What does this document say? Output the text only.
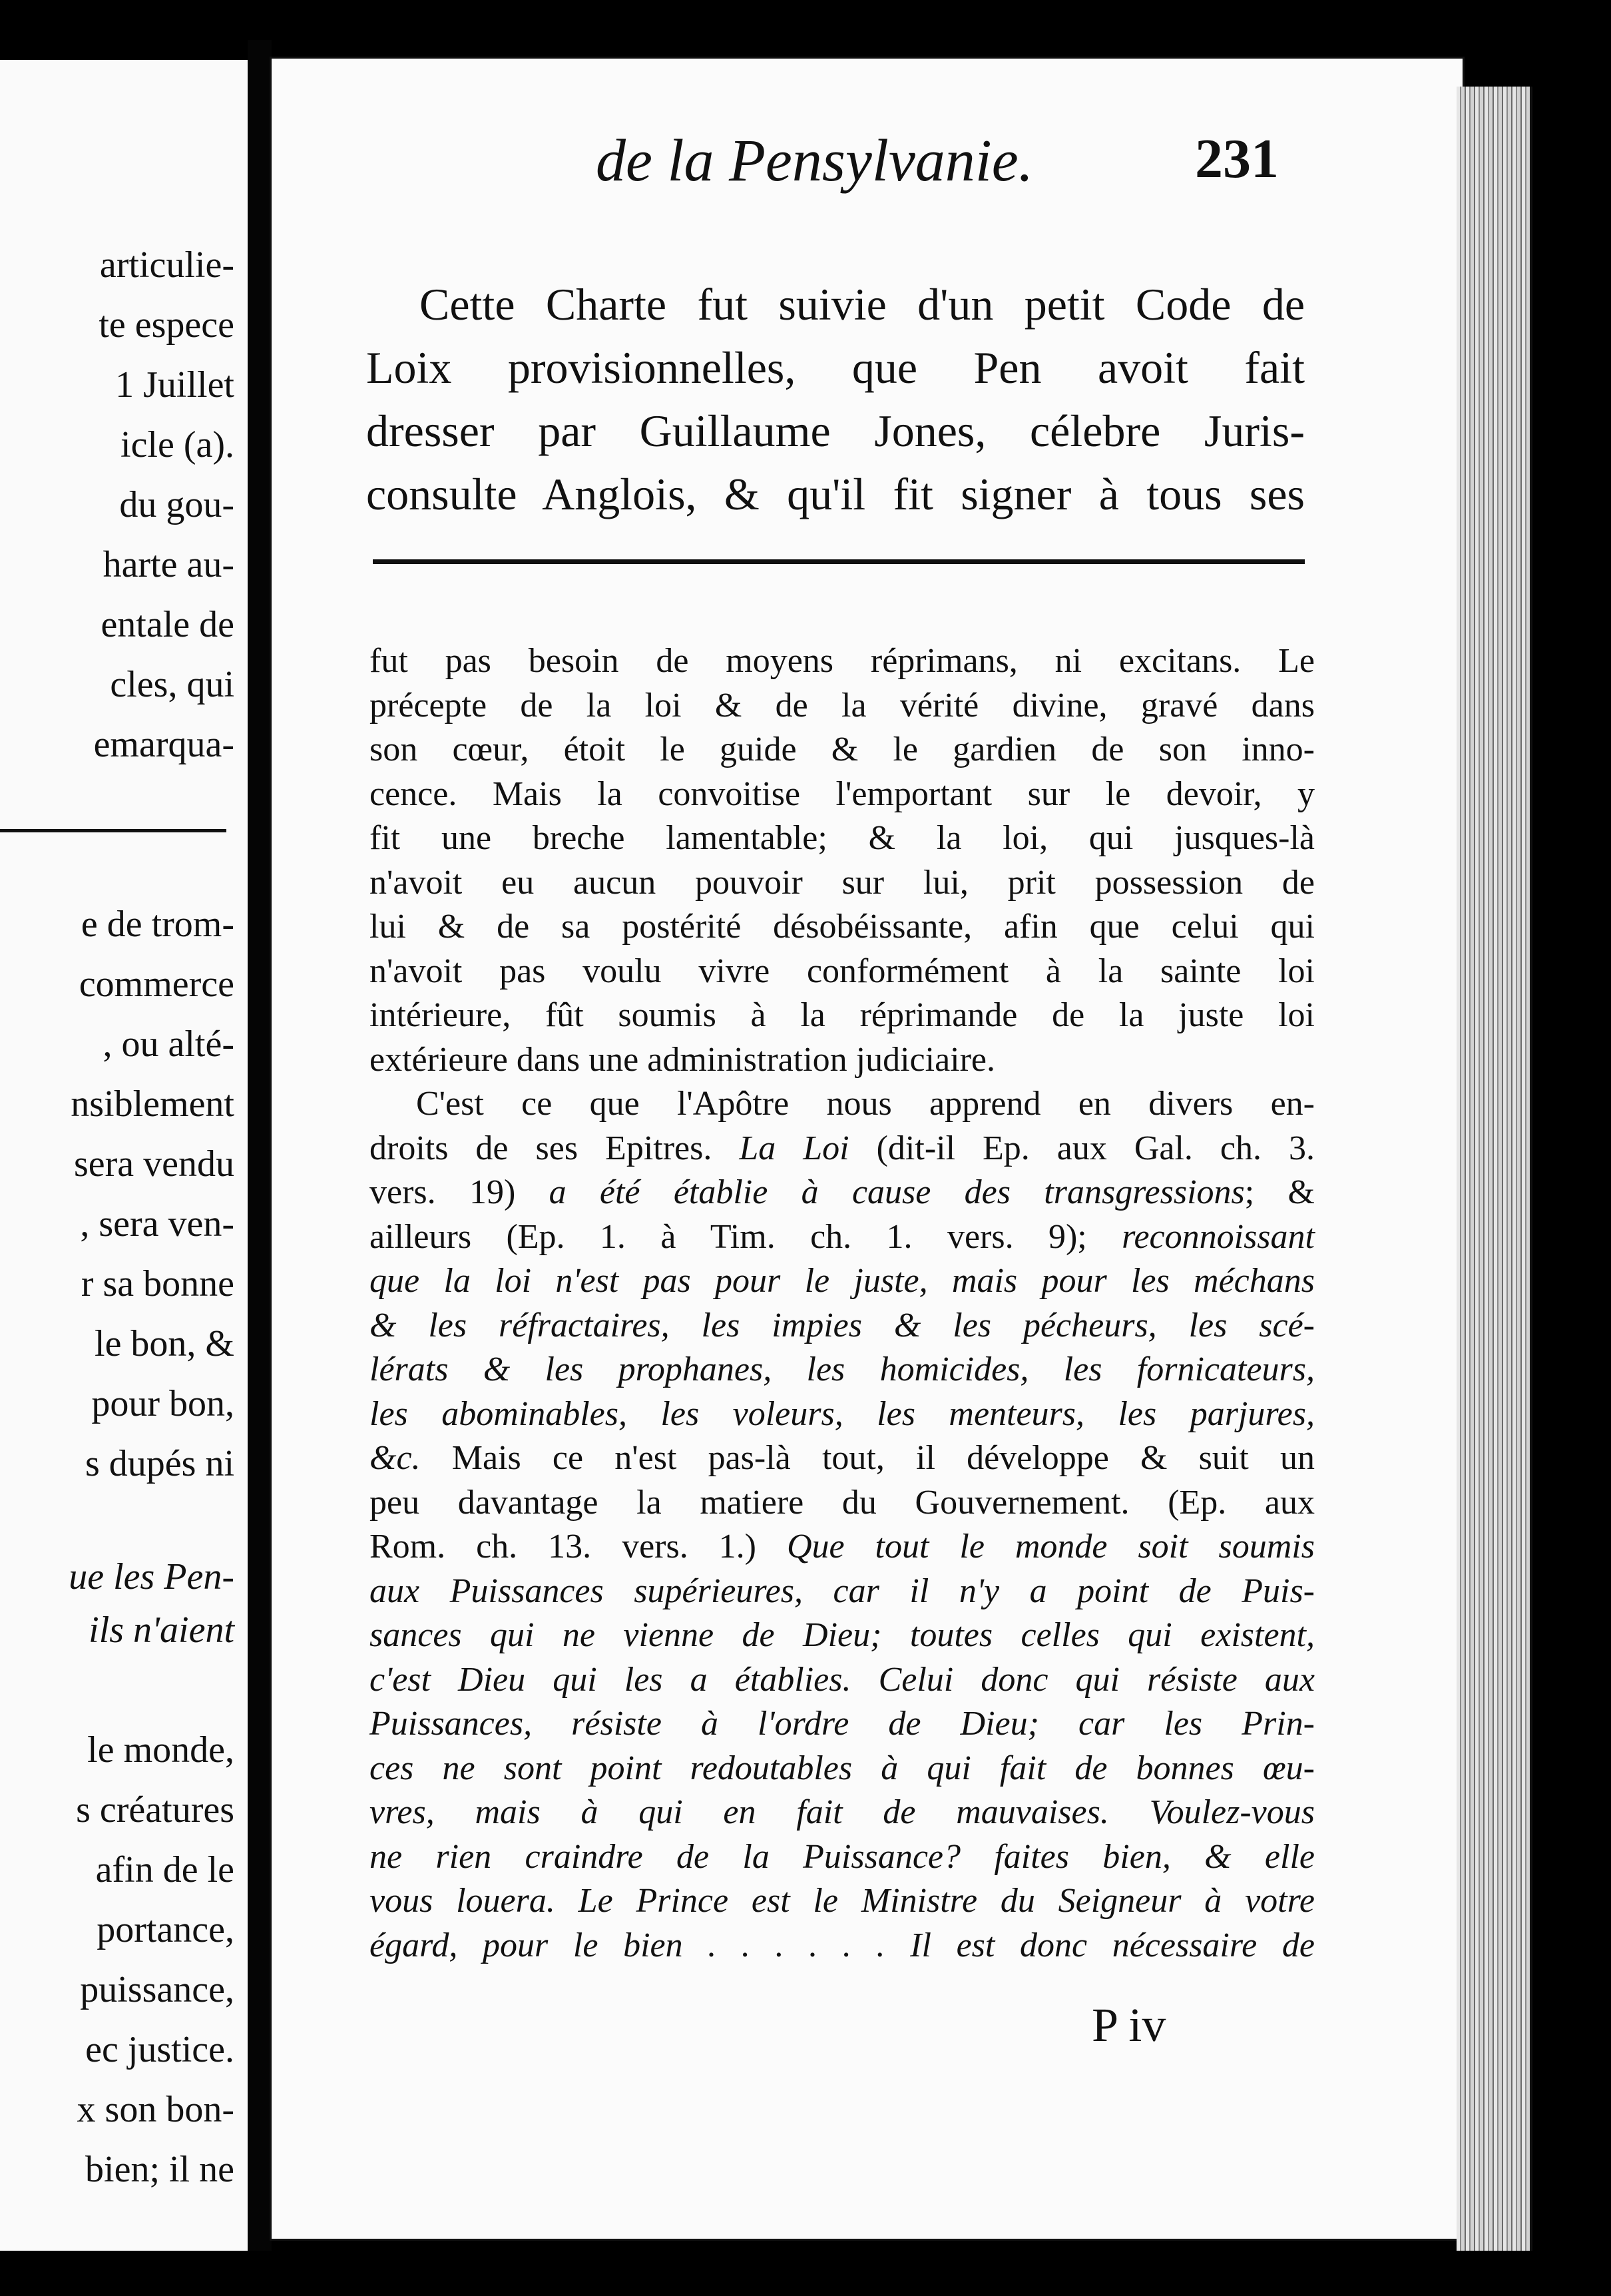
articulie-
te espece
1 Juillet
icle (a).
du gou-
harte au-
entale de
cles, qui
emarqua-
e de trom-
commerce
, ou alté-
nsiblement
sera vendu
, sera ven-
r sa bonne
le bon, &
pour bon,
s dupés ni
ue les Pen-
ils n'aient
le monde,
s créatures
afin de le
portance,
puissance,
ec justice.
x son bon-
bien; il ne
de la Pensylvanie.	231
Cette Charte fut suivie d'un petit Code de
Loix provisionnelles, que Pen avoit fait
dresser par Guillaume Jones, célebre Juris-
consulte Anglois, & qu'il fit signer à tous ses
fut pas besoin de moyens réprimans, ni excitans. Le
précepte de la loi & de la vérité divine, gravé dans
son cœur, étoit le guide & le gardien de son inno-
cence. Mais la convoitise l'emportant sur le devoir, y
fit une breche lamentable; & la loi, qui jusques-là
n'avoit eu aucun pouvoir sur lui, prit possession de
lui & de sa postérité désobéissante, afin que celui qui
n'avoit pas voulu vivre conformément à la sainte loi
intérieure, fût soumis à la réprimande de la juste loi
extérieure dans une administration judiciaire.
C'est ce que l'Apôtre nous apprend en divers en-
droits de ses Epitres. La Loi (dit-il Ep. aux Gal. ch. 3.
vers. 19) a été établie à cause des transgressions; &
ailleurs (Ep. 1. à Tim. ch. 1. vers. 9); reconnoissant
que la loi n'est pas pour le juste, mais pour les méchans
& les réfractaires, les impies & les pécheurs, les scé-
lérats & les prophanes, les homicides, les fornicateurs,
les abominables, les voleurs, les menteurs, les parjures,
&c. Mais ce n'est pas-là tout, il développe & suit un
peu davantage la matiere du Gouvernement. (Ep. aux
Rom. ch. 13. vers. 1.) Que tout le monde soit soumis
aux Puissances supérieures, car il n'y a point de Puis-
sances qui ne vienne de Dieu; toutes celles qui existent,
c'est Dieu qui les a établies. Celui donc qui résiste aux
Puissances, résiste à l'ordre de Dieu; car les Prin-
ces ne sont point redoutables à qui fait de bonnes œu-
vres, mais à qui en fait de mauvaises. Voulez-vous
ne rien craindre de la Puissance? faites bien, & elle
vous louera. Le Prince est le Ministre du Seigneur à votre
égard, pour le bien . . . . . . Il est donc nécessaire de
P iv
